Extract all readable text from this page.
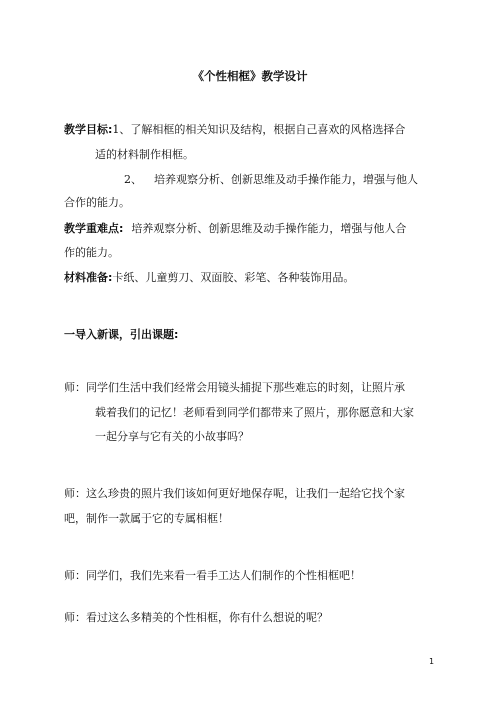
《个性相框》教学设计
教学目标:1、了解相框的相关知识及结构，根据自己喜欢的风格选择合
适的材料制作相框。
2、 培养观察分析、创新思维及动手操作能力，增强与他人
合作的能力。
教学重难点: 培养观察分析、创新思维及动手操作能力，增强与他人合
作的能力。
材料准备:卡纸、儿童剪刀、双面胶、彩笔、各种装饰用品。
一导入新课，引出课题:
师：同学们生活中我们经常会用镜头捕捉下那些难忘的时刻，让照片承
载着我们的记忆！老师看到同学们都带来了照片，那你愿意和大家
一起分享与它有关的小故事吗？
师：这么珍贵的照片我们该如何更好地保存呢，让我们一起给它找个家
吧，制作一款属于它的专属相框！
师：同学们，我们先来看一看手工达人们制作的个性相框吧！
师：看过这么多精美的个性相框，你有什么想说的呢？
1
